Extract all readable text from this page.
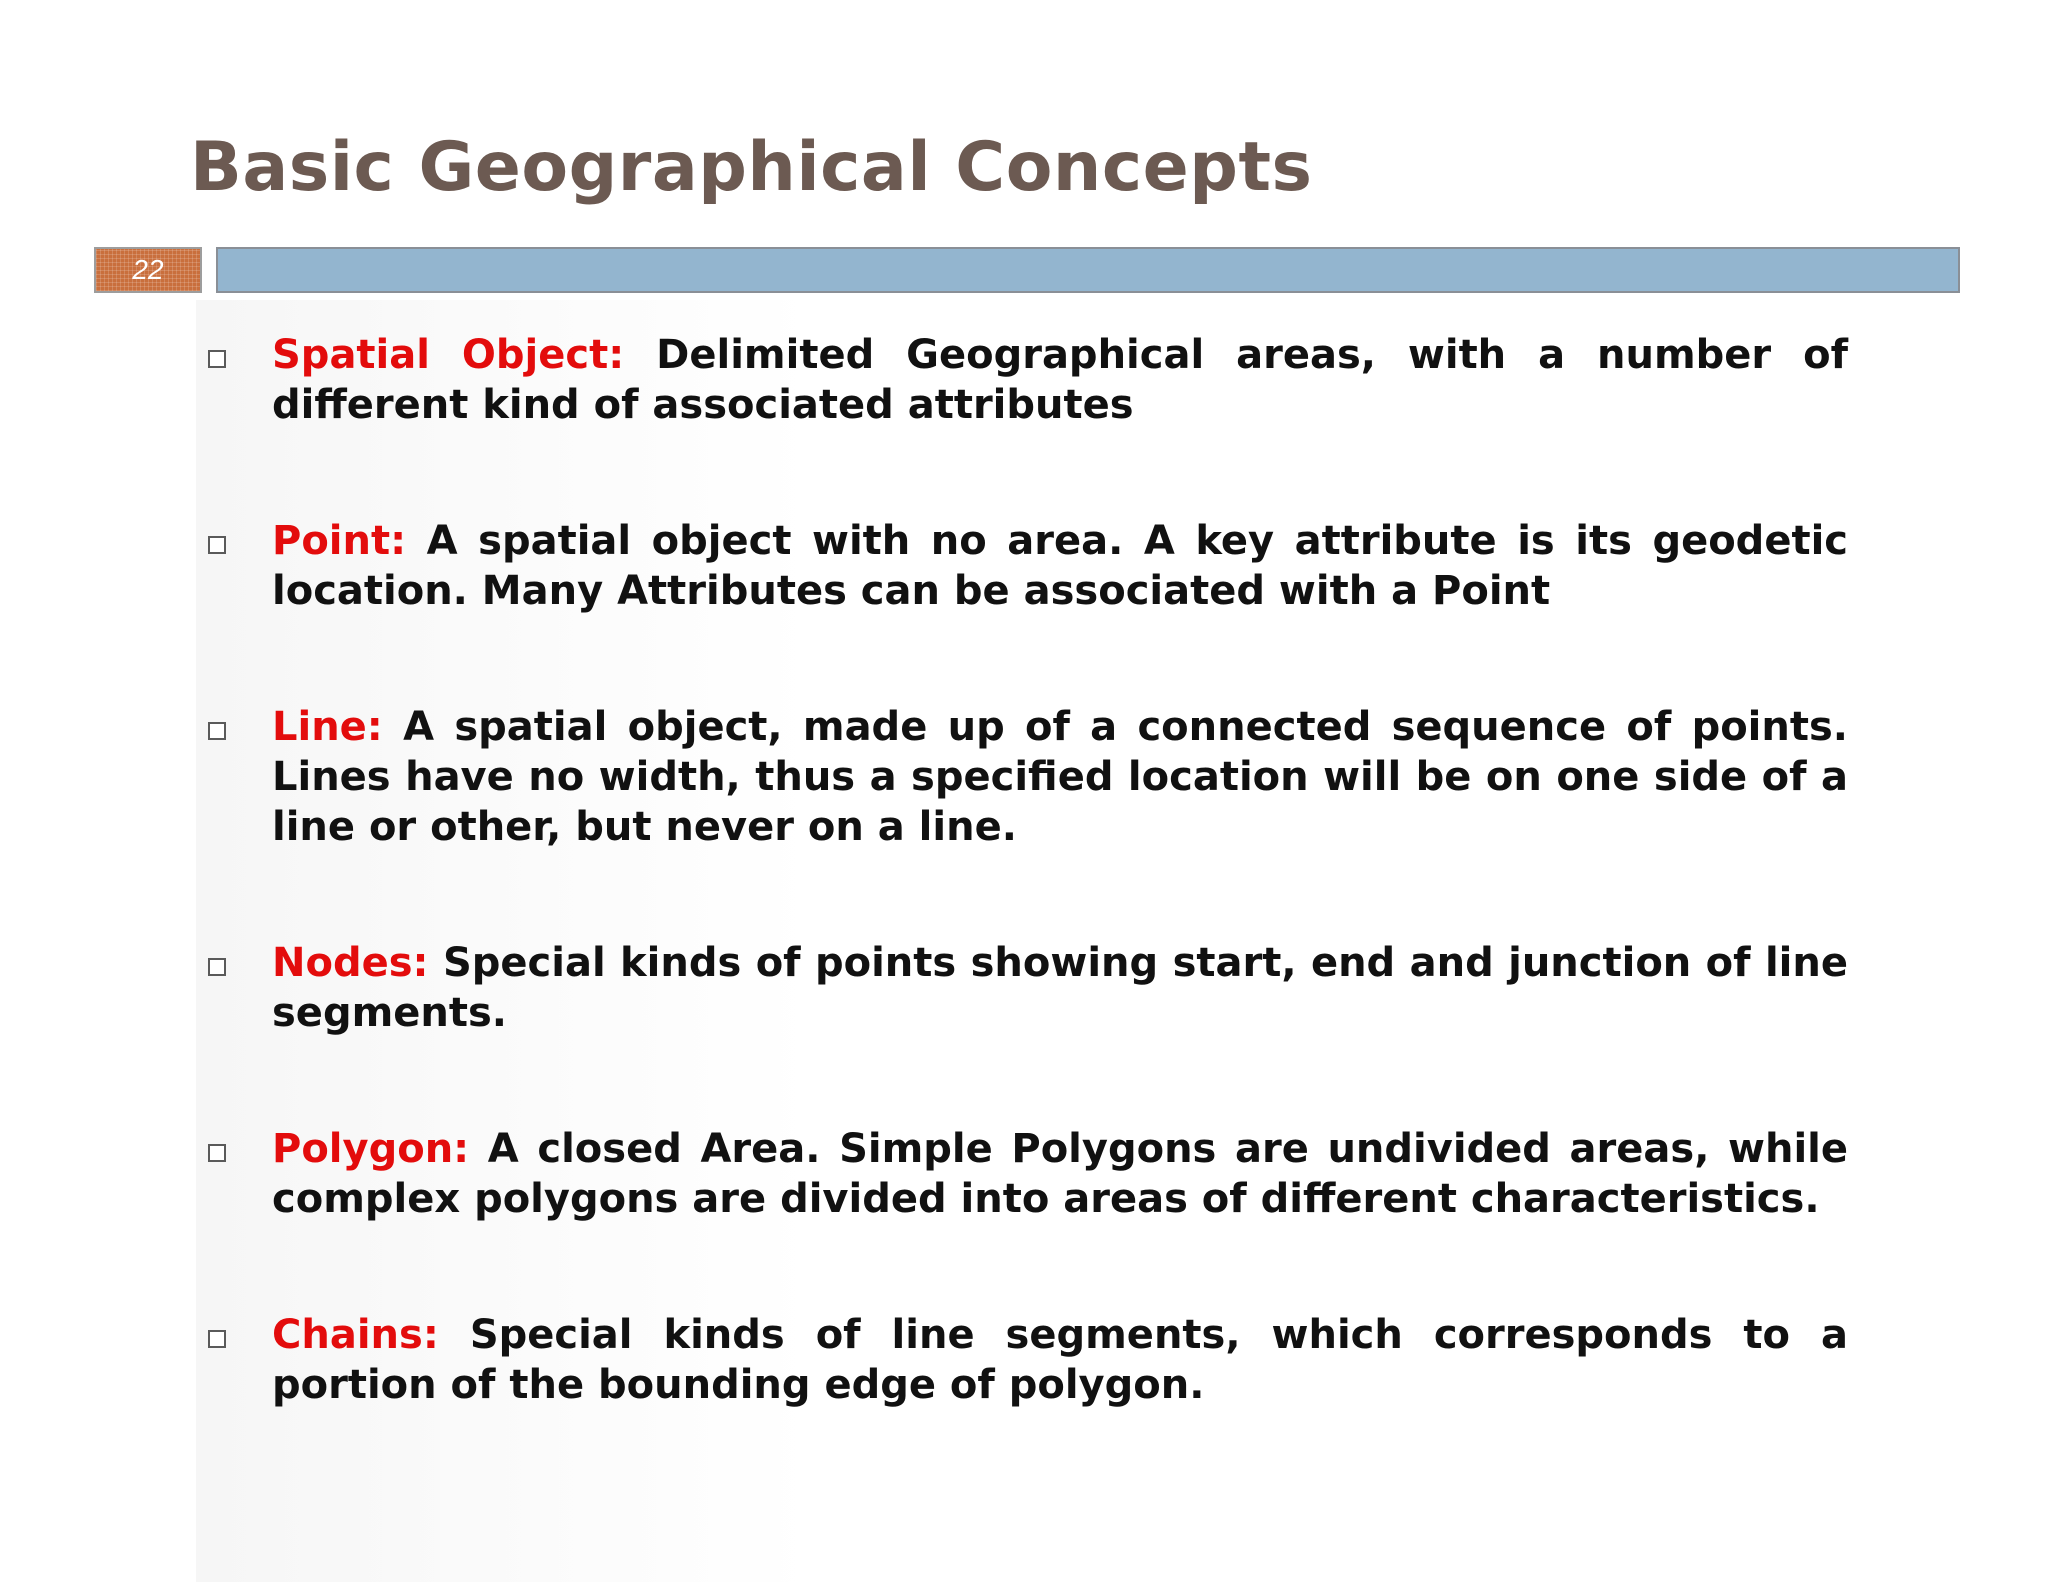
Basic Geographical Concepts
22

Spatial Object: Delimited Geographical areas, with a number of different kind of associated attributes

Point: A spatial object with no area. A key attribute is its geodetic location. Many Attributes can be associated with a Point

Line: A spatial object, made up of a connected sequence of points. Lines have no width, thus a specified location will be on one side of a line or other, but never on a line.

Nodes: Special kinds of points showing start, end and junction of line segments.

Polygon: A closed Area. Simple Polygons are undivided areas, while complex polygons are divided into areas of different characteristics.

Chains: Special kinds of line segments, which corresponds to a portion of the bounding edge of polygon.
